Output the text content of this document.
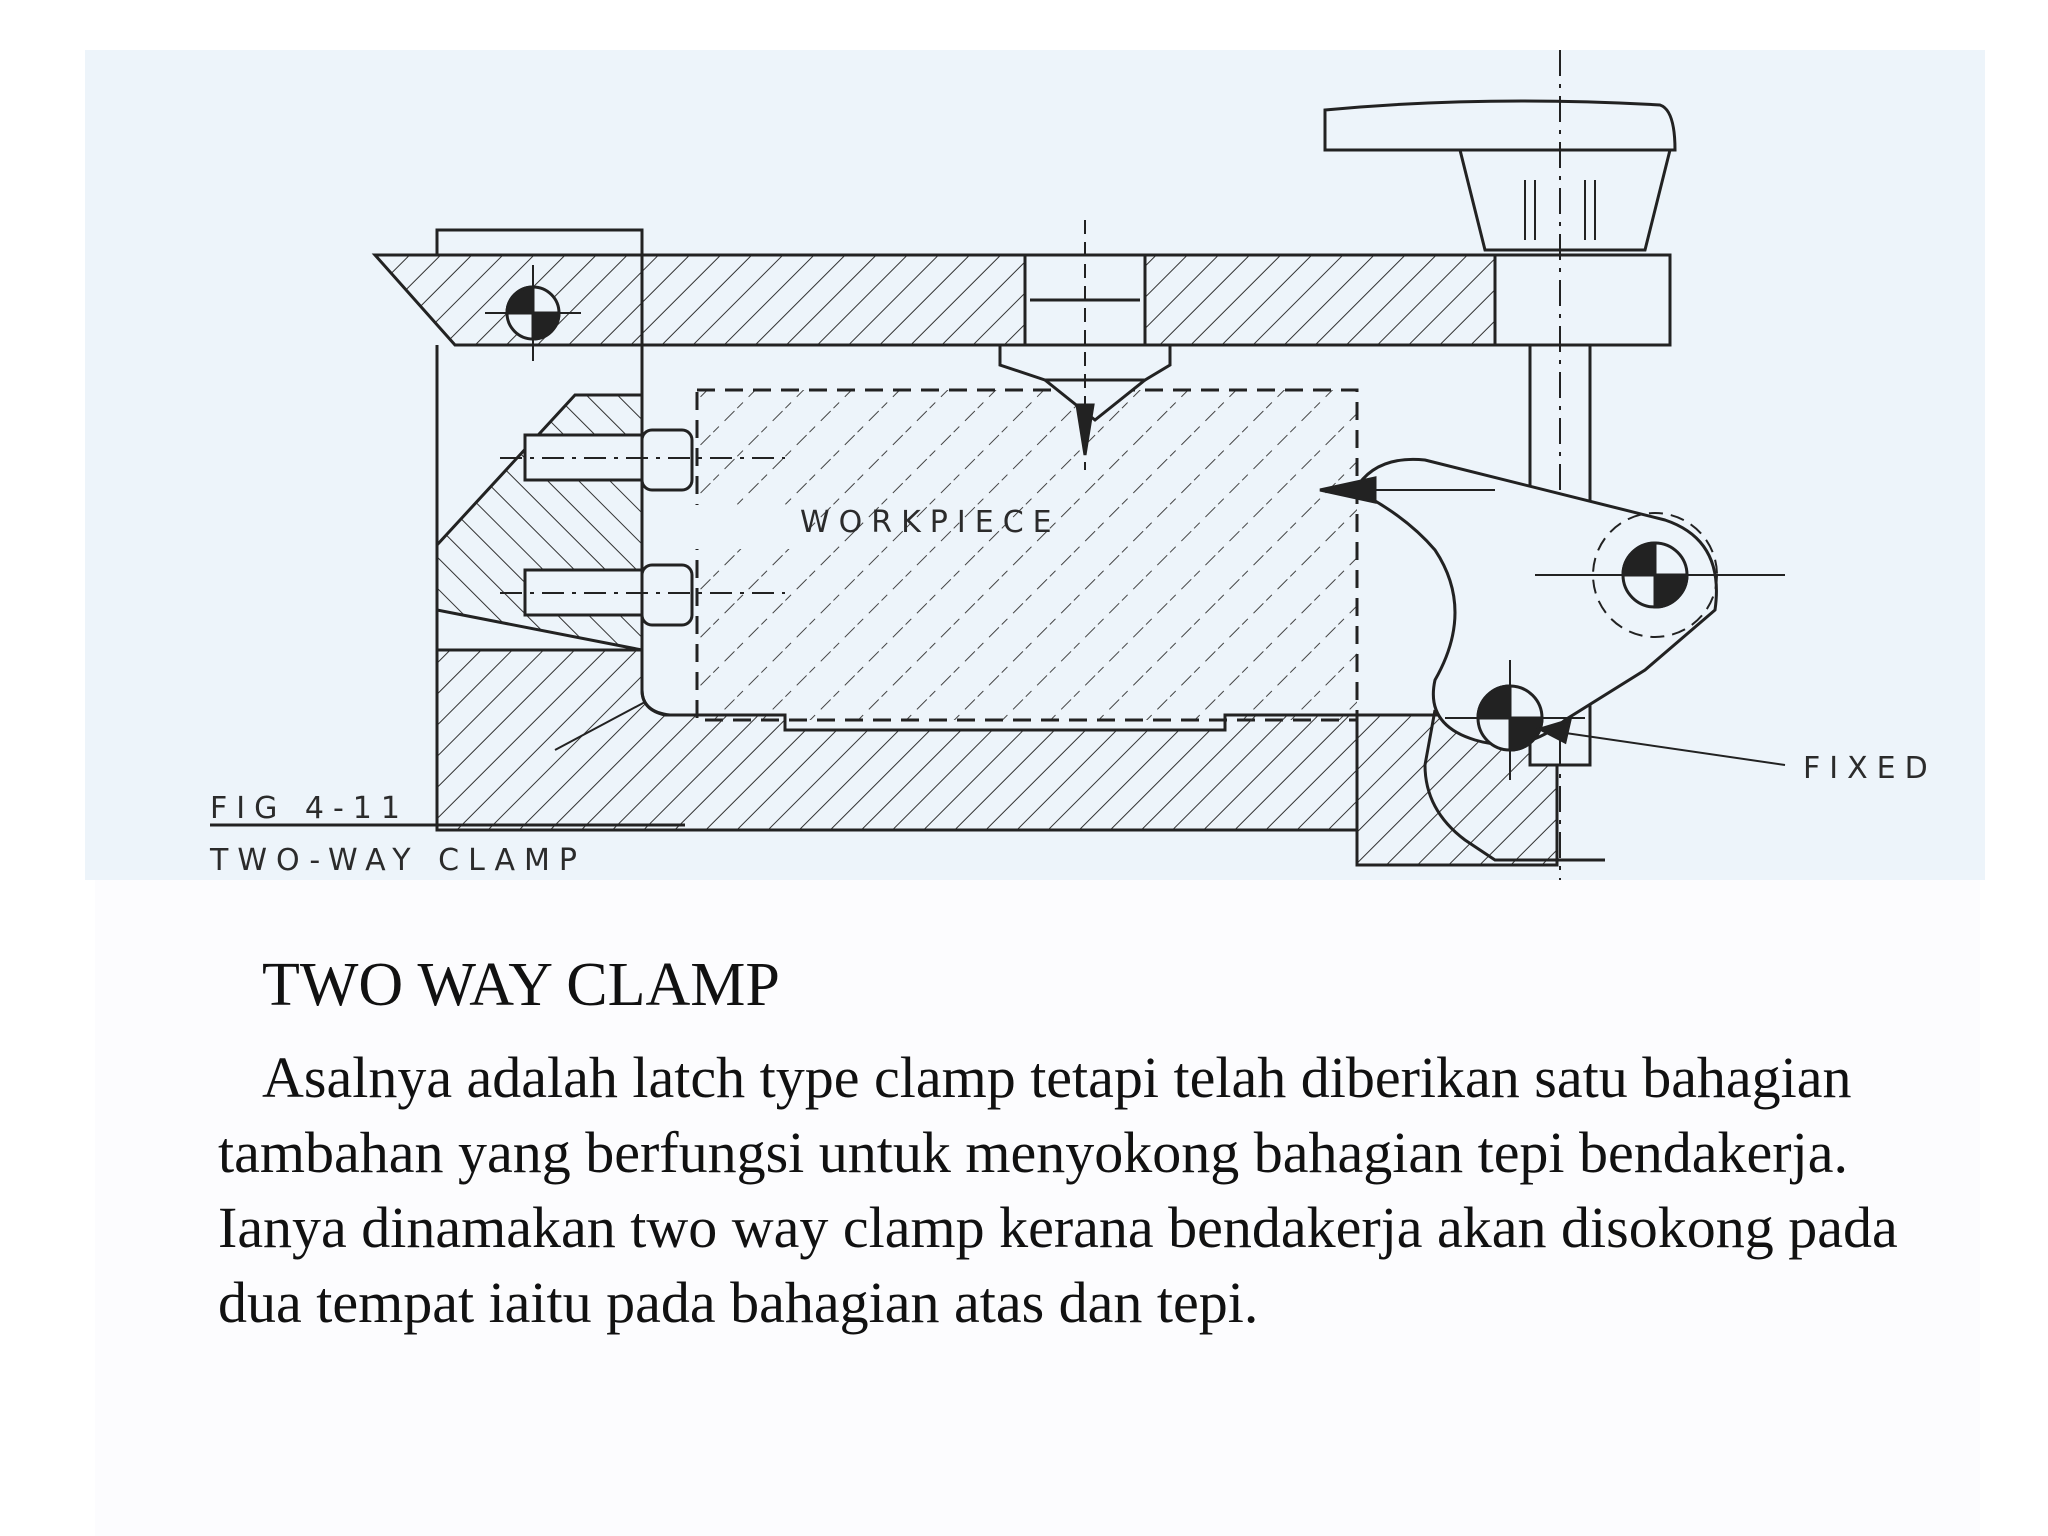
WORKPIECE
FIXED
FIG 4-11
TWO-WAY CLAMP
TWO WAY CLAMP

Asalnya adalah latch type clamp tetapi telah diberikan satu bahagian tambahan yang berfungsi untuk menyokong bahagian tepi bendakerja. Ianya dinamakan two way clamp kerana bendakerja akan disokong pada dua tempat iaitu pada bahagian atas dan tepi.
